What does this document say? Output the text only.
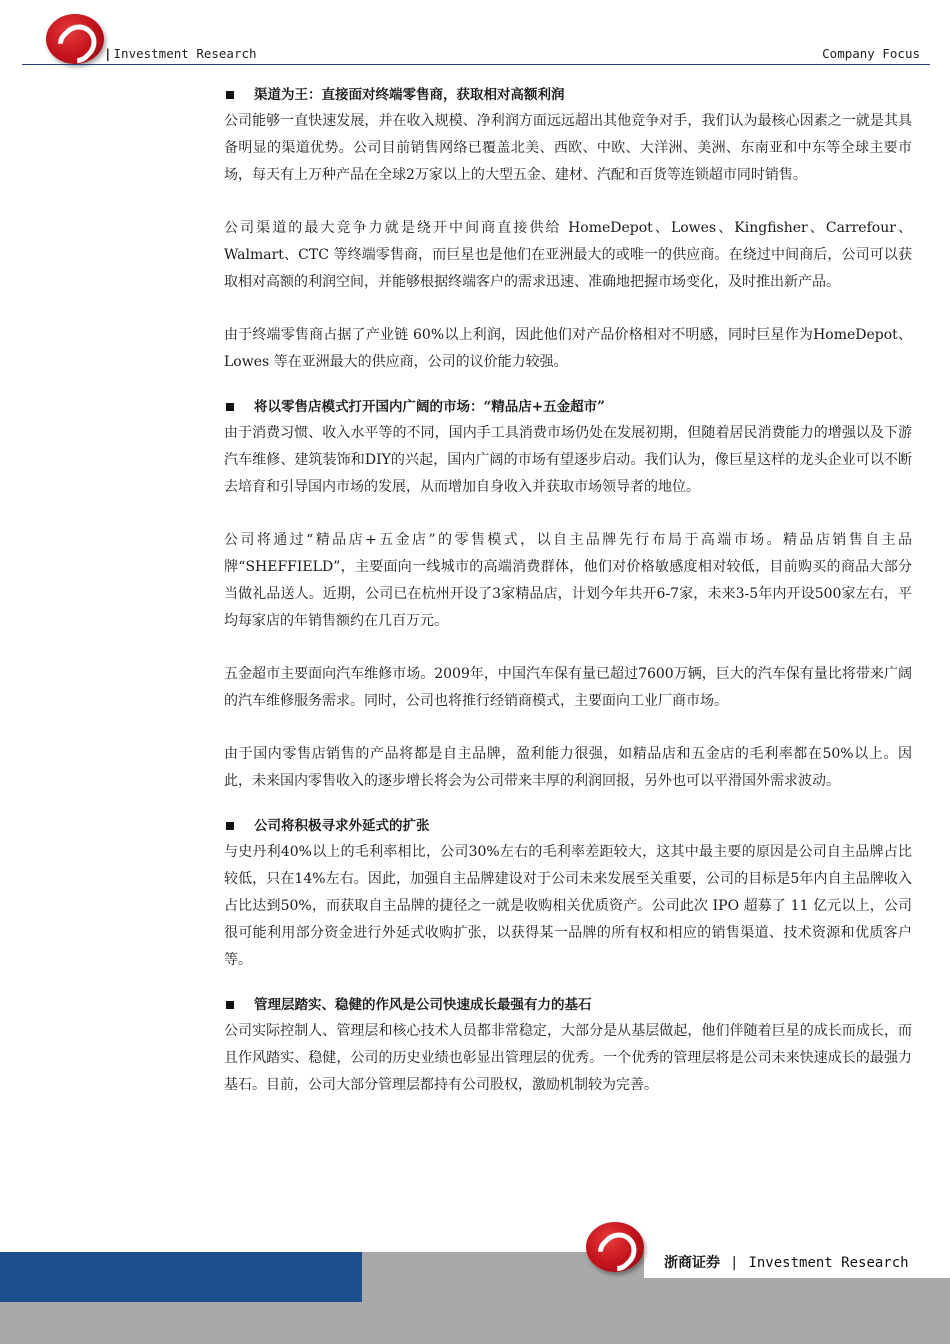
| Investment Research	Company Focus
渠道为王：直接面对终端零售商，获取相对高额利润

公司能够一直快速发展，并在收入规模、净利润方面远远超出其他竞争对手，我们认为最核心因素之一就是其具备明显的渠道优势。公司目前销售网络已覆盖北美、西欧、中欧、大洋洲、美洲、东南亚和中东等全球主要市场，每天有上万种产品在全球2万家以上的大型五金、建材、汽配和百货等连锁超市同时销售。

公司渠道的最大竞争力就是绕开中间商直接供给 HomeDepot、Lowes、Kingfisher、Carrefour、Walmart、CTC 等终端零售商，而巨星也是他们在亚洲最大的或唯一的供应商。在绕过中间商后，公司可以获取相对高额的利润空间，并能够根据终端客户的需求迅速、准确地把握市场变化，及时推出新产品。

由于终端零售商占据了产业链 60%以上利润，因此他们对产品价格相对不明感，同时巨星作为HomeDepot、Lowes 等在亚洲最大的供应商，公司的议价能力较强。

将以零售店模式打开国内广阔的市场：“精品店+五金超市”

由于消费习惯、收入水平等的不同，国内手工具消费市场仍处在发展初期，但随着居民消费能力的增强以及下游汽车维修、建筑装饰和DIY的兴起，国内广阔的市场有望逐步启动。我们认为，像巨星这样的龙头企业可以不断去培育和引导国内市场的发展，从而增加自身收入并获取市场领导者的地位。

公司将通过“精品店+五金店”的零售模式，以自主品牌先行布局于高端市场。精品店销售自主品牌“SHEFFIELD”，主要面向一线城市的高端消费群体，他们对价格敏感度相对较低，目前购买的商品大部分当做礼品送人。近期，公司已在杭州开设了3家精品店，计划今年共开6-7家，未来3-5年内开设500家左右，平均每家店的年销售额约在几百万元。

五金超市主要面向汽车维修市场。2009年，中国汽车保有量已超过7600万辆，巨大的汽车保有量比将带来广阔的汽车维修服务需求。同时，公司也将推行经销商模式，主要面向工业厂商市场。

由于国内零售店销售的产品将都是自主品牌，盈利能力很强，如精品店和五金店的毛利率都在50%以上。因此，未来国内零售收入的逐步增长将会为公司带来丰厚的利润回报，另外也可以平滑国外需求波动。

公司将积极寻求外延式的扩张

与史丹利40%以上的毛利率相比，公司30%左右的毛利率差距较大，这其中最主要的原因是公司自主品牌占比较低，只在14%左右。因此，加强自主品牌建设对于公司未来发展至关重要，公司的目标是5年内自主品牌收入占比达到50%，而获取自主品牌的捷径之一就是收购相关优质资产。公司此次 IPO 超募了 11 亿元以上，公司很可能利用部分资金进行外延式收购扩张，以获得某一品牌的所有权和相应的销售渠道、技术资源和优质客户等。

管理层踏实、稳健的作风是公司快速成长最强有力的基石

公司实际控制人、管理层和核心技术人员都非常稳定，大部分是从基层做起，他们伴随着巨星的成长而成长，而且作风踏实、稳健，公司的历史业绩也彰显出管理层的优秀。一个优秀的管理层将是公司未来快速成长的最强力基石。目前，公司大部分管理层都持有公司股权，激励机制较为完善。

浙商证券 | Investment Research
